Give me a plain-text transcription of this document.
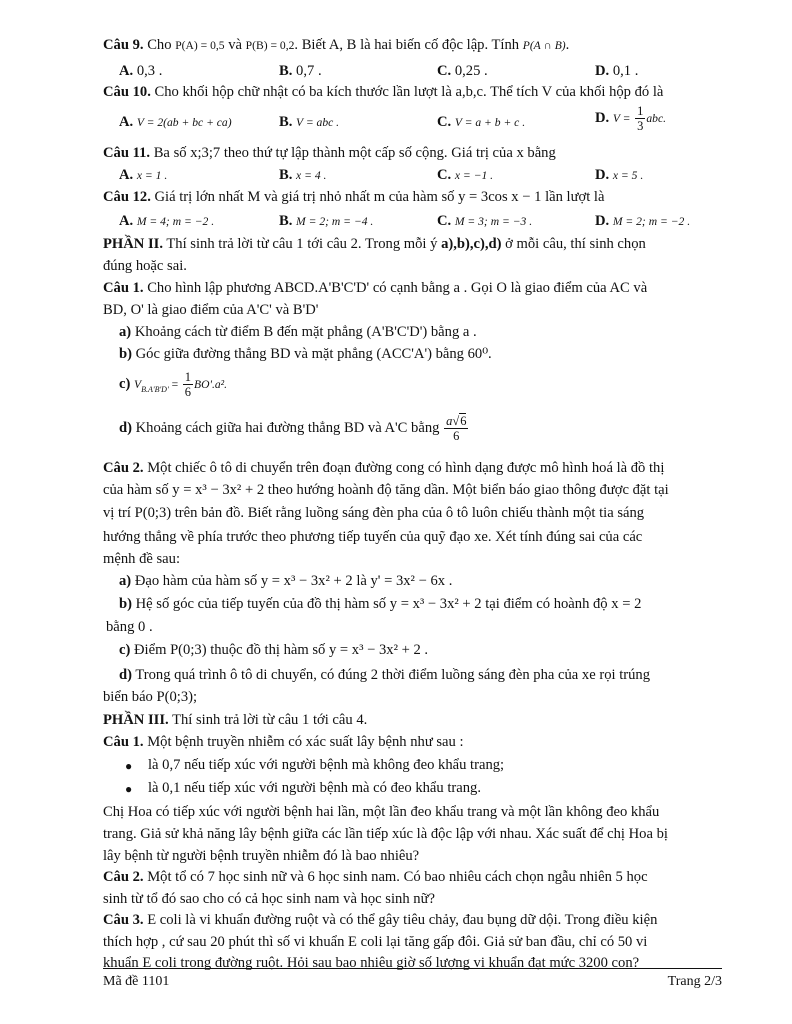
Câu 9. Cho P(A) = 0,5 và P(B) = 0,2. Biết A, B là hai biến cố độc lập. Tính P(A ∩ B).
A. 0,3 .	B. 0,7 .	C. 0,25 .	D. 0,1 .
Câu 10. Cho khối hộp chữ nhật có ba kích thước lần lượt là a,b,c. Thể tích V của khối hộp đó là
A. V = 2(ab + bc + ca)	B. V = abc .	C. V = a + b + c .	D. $V = \frac{1}{3}$ abc.
Câu 11. Ba số x;3;7 theo thứ tự lập thành một cấp số cộng. Giá trị của x bằng
A. x = 1 .	B. x = 4 .	C. x = −1 .	D. x = 5 .
Câu 12. Giá trị lớn nhất M và giá trị nhỏ nhất m của hàm số y = 3cos x − 1 lần lượt là
A. M = 4; m = −2 .	B. M = 2; m = −4 .	C. M = 3; m = −3 .	D. M = 2; m = −2 .
PHẦN II. Thí sinh trả lời từ câu 1 tới câu 2. Trong mỗi ý a),b),c),d) ở mỗi câu, thí sinh chọn
đúng hoặc sai.
Câu 1. Cho hình lập phương ABCD.A'B'C'D' có cạnh bằng a . Gọi O là giao điểm của AC và
BD, O' là giao điểm của A'C' và B'D'
a) Khoảng cách từ điểm B đến mặt phẳng (A'B'C'D') bằng a .
b) Góc giữa đường thẳng BD và mặt phẳng (ACC'A') bằng 60⁰.
c) $V_{B.A'B'D'} = \frac{1}{6} BO'.a^2$.
d) Khoảng cách giữa hai đường thẳng BD và A'C bằng $\frac{a√6}{6}$
Câu 2. Một chiếc ô tô di chuyển trên đoạn đường cong có hình dạng được mô hình hoá là đồ thị
của hàm số y = x³ − 3x² + 2 theo hướng hoành độ tăng dần. Một biển báo giao thông được đặt tại
vị trí P(0;3) trên bản đồ. Biết rằng luồng sáng đèn pha của ô tô luôn chiếu thành một tia sáng
hướng thẳng về phía trước theo phương tiếp tuyến của quỹ đạo xe. Xét tính đúng sai của các
mệnh đề sau:
a) Đạo hàm của hàm số y = x³ − 3x² + 2 là y' = 3x² − 6x .
b) Hệ số góc của tiếp tuyến của đồ thị hàm số y = x³ − 3x² + 2 tại điểm có hoành độ x = 2
bằng 0 .
c) Điểm P(0;3) thuộc đồ thị hàm số y = x³ − 3x² + 2 .
d) Trong quá trình ô tô di chuyển, có đúng 2 thời điểm luồng sáng đèn pha của xe rọi trúng
biển báo P(0;3);
PHẦN III. Thí sinh trả lời từ câu 1 tới câu 4.
Câu 1. Một bệnh truyền nhiễm có xác suất lây bệnh như sau :
● là 0,7 nếu tiếp xúc với người bệnh mà không đeo khẩu trang;
● là 0,1 nếu tiếp xúc với người bệnh mà có đeo khẩu trang.
Chị Hoa có tiếp xúc với người bệnh hai lần, một lần đeo khẩu trang và một lần không đeo khẩu
trang. Giả sử khả năng lây bệnh giữa các lần tiếp xúc là độc lập với nhau. Xác suất để chị Hoa bị
lây bệnh từ người bệnh truyền nhiễm đó là bao nhiêu?
Câu 2. Một tổ có 7 học sinh nữ và 6 học sinh nam. Có bao nhiêu cách chọn ngẫu nhiên 5 học
sinh từ tổ đó sao cho có cả học sinh nam và học sinh nữ?
Câu 3. E coli là vi khuẩn đường ruột và có thể gây tiêu chảy, đau bụng dữ dội. Trong điều kiện
thích hợp , cứ sau 20 phút thì số vi khuẩn E coli lại tăng gấp đôi. Giả sử ban đầu, chỉ có 50 vi
khuẩn E coli trong đường ruột. Hỏi sau bao nhiêu giờ số lượng vi khuẩn đạt mức 3200 con?
Mã đề 1101	Trang 2/3
